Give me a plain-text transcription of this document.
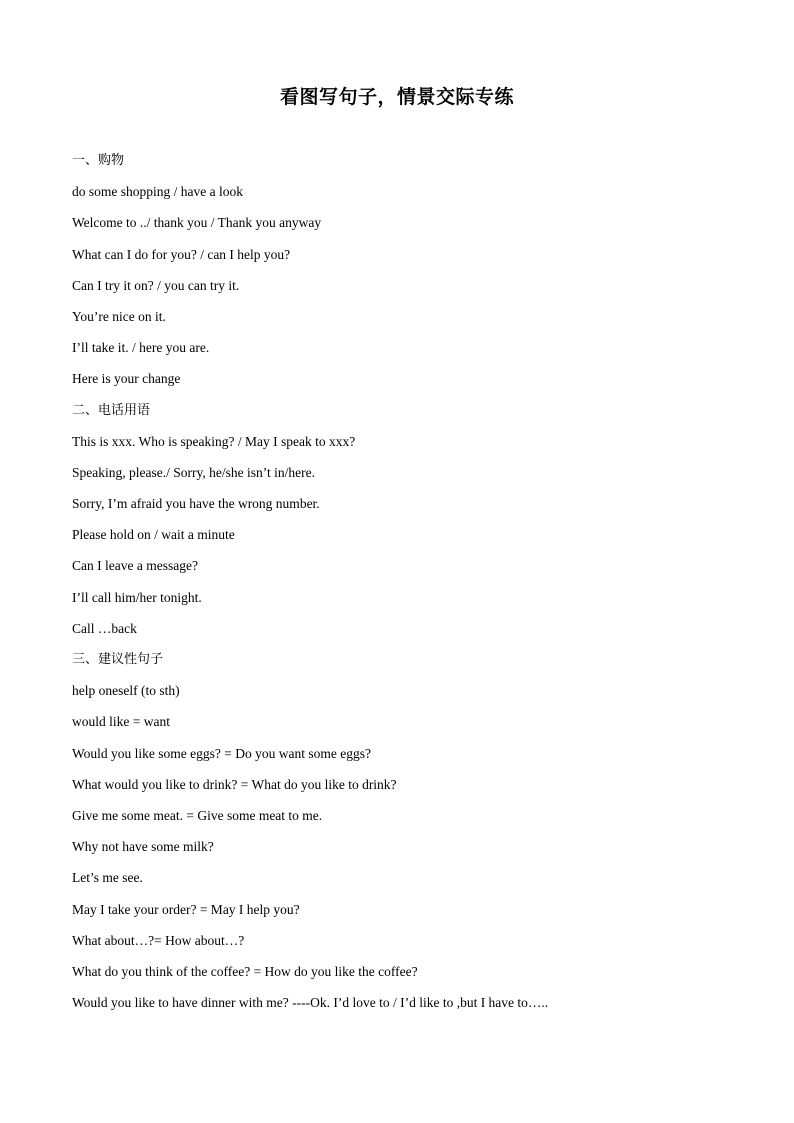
看图写句子，情景交际专练
一、购物
do some shopping / have a look
Welcome to ../ thank you / Thank you anyway
What can I do for you? / can I help you?
Can I try it on? / you can try it.
You’re nice on it.
I’ll take it. / here you are.
Here is your change
二、电话用语
This is xxx. Who is speaking? / May I speak to xxx?
Speaking, please./ Sorry, he/she isn’t in/here.
Sorry, I’m afraid you have the wrong number.
Please hold on / wait a minute
Can I leave a message?
I’ll call him/her tonight.
Call …back
三、建议性句子
help oneself (to sth)
would like = want
Would you like some eggs? = Do you want some eggs?
What would you like to drink? = What do you like to drink?
Give me some meat. = Give some meat to me.
Why not have some milk?
Let’s me see.
May I take your order? = May I help you?
What about…?= How about…?
What do you think of the coffee? = How do you like the coffee?
Would you like to have dinner with me? ----Ok. I’d love to / I’d like to ,but I have to…..
